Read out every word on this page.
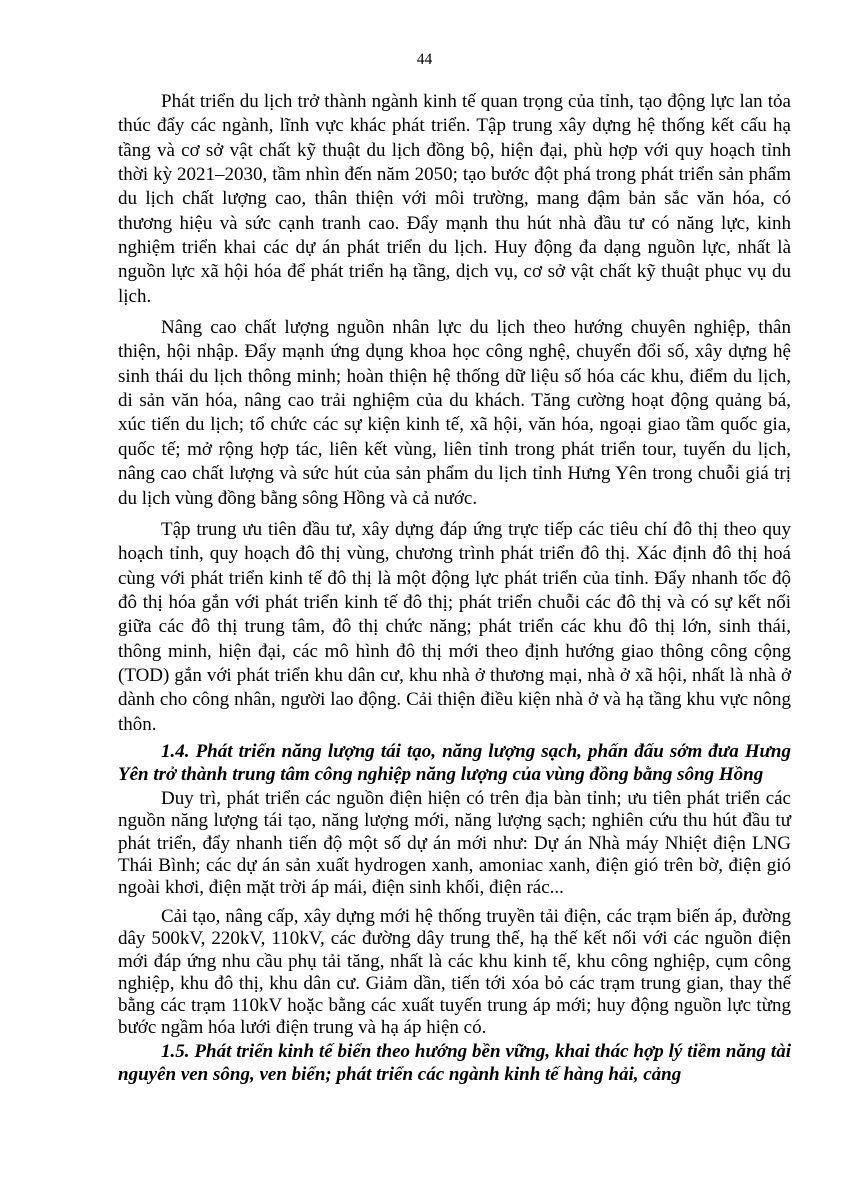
44

Phát triển du lịch trở thành ngành kinh tế quan trọng của tỉnh, tạo động lực lan tỏa thúc đẩy các ngành, lĩnh vực khác phát triển. Tập trung xây dựng hệ thống kết cấu hạ tầng và cơ sở vật chất kỹ thuật du lịch đồng bộ, hiện đại, phù hợp với quy hoạch tỉnh thời kỳ 2021–2030, tầm nhìn đến năm 2050; tạo bước đột phá trong phát triển sản phẩm du lịch chất lượng cao, thân thiện với môi trường, mang đậm bản sắc văn hóa, có thương hiệu và sức cạnh tranh cao. Đẩy mạnh thu hút nhà đầu tư có năng lực, kinh nghiệm triển khai các dự án phát triển du lịch. Huy động đa dạng nguồn lực, nhất là nguồn lực xã hội hóa để phát triển hạ tầng, dịch vụ, cơ sở vật chất kỹ thuật phục vụ du lịch.

Nâng cao chất lượng nguồn nhân lực du lịch theo hướng chuyên nghiệp, thân thiện, hội nhập. Đẩy mạnh ứng dụng khoa học công nghệ, chuyển đổi số, xây dựng hệ sinh thái du lịch thông minh; hoàn thiện hệ thống dữ liệu số hóa các khu, điểm du lịch, di sản văn hóa, nâng cao trải nghiệm của du khách. Tăng cường hoạt động quảng bá, xúc tiến du lịch; tổ chức các sự kiện kinh tế, xã hội, văn hóa, ngoại giao tầm quốc gia, quốc tế; mở rộng hợp tác, liên kết vùng, liên tỉnh trong phát triển tour, tuyến du lịch, nâng cao chất lượng và sức hút của sản phẩm du lịch tỉnh Hưng Yên trong chuỗi giá trị du lịch vùng đồng bằng sông Hồng và cả nước.

Tập trung ưu tiên đầu tư, xây dựng đáp ứng trực tiếp các tiêu chí đô thị theo quy hoạch tỉnh, quy hoạch đô thị vùng, chương trình phát triển đô thị. Xác định đô thị hoá cùng với phát triển kinh tế đô thị là một động lực phát triển của tỉnh. Đẩy nhanh tốc độ đô thị hóa gắn với phát triển kinh tế đô thị; phát triển chuỗi các đô thị và có sự kết nối giữa các đô thị trung tâm, đô thị chức năng; phát triển các khu đô thị lớn, sinh thái, thông minh, hiện đại, các mô hình đô thị mới theo định hướng giao thông công cộng (TOD) gắn với phát triển khu dân cư, khu nhà ở thương mại, nhà ở xã hội, nhất là nhà ở dành cho công nhân, người lao động. Cải thiện điều kiện nhà ở và hạ tầng khu vực nông thôn.

1.4. Phát triển năng lượng tái tạo, năng lượng sạch, phấn đấu sớm đưa Hưng Yên trở thành trung tâm công nghiệp năng lượng của vùng đồng bằng sông Hồng

Duy trì, phát triển các nguồn điện hiện có trên địa bàn tỉnh; ưu tiên phát triển các nguồn năng lượng tái tạo, năng lượng mới, năng lượng sạch; nghiên cứu thu hút đầu tư phát triển, đẩy nhanh tiến độ một số dự án mới như: Dự án Nhà máy Nhiệt điện LNG Thái Bình; các dự án sản xuất hydrogen xanh, amoniac xanh, điện gió trên bờ, điện gió ngoài khơi, điện mặt trời áp mái, điện sinh khối, điện rác...

Cải tạo, nâng cấp, xây dựng mới hệ thống truyền tải điện, các trạm biến áp, đường dây 500kV, 220kV, 110kV, các đường dây trung thế, hạ thế kết nối với các nguồn điện mới đáp ứng nhu cầu phụ tải tăng, nhất là các khu kinh tế, khu công nghiệp, cụm công nghiệp, khu đô thị, khu dân cư. Giảm dần, tiến tới xóa bỏ các trạm trung gian, thay thế bằng các trạm 110kV hoặc bằng các xuất tuyến trung áp mới; huy động nguồn lực từng bước ngầm hóa lưới điện trung và hạ áp hiện có.

1.5. Phát triển kinh tế biển theo hướng bền vững, khai thác hợp lý tiềm năng tài nguyên ven sông, ven biển; phát triển các ngành kinh tế hàng hải, cảng
